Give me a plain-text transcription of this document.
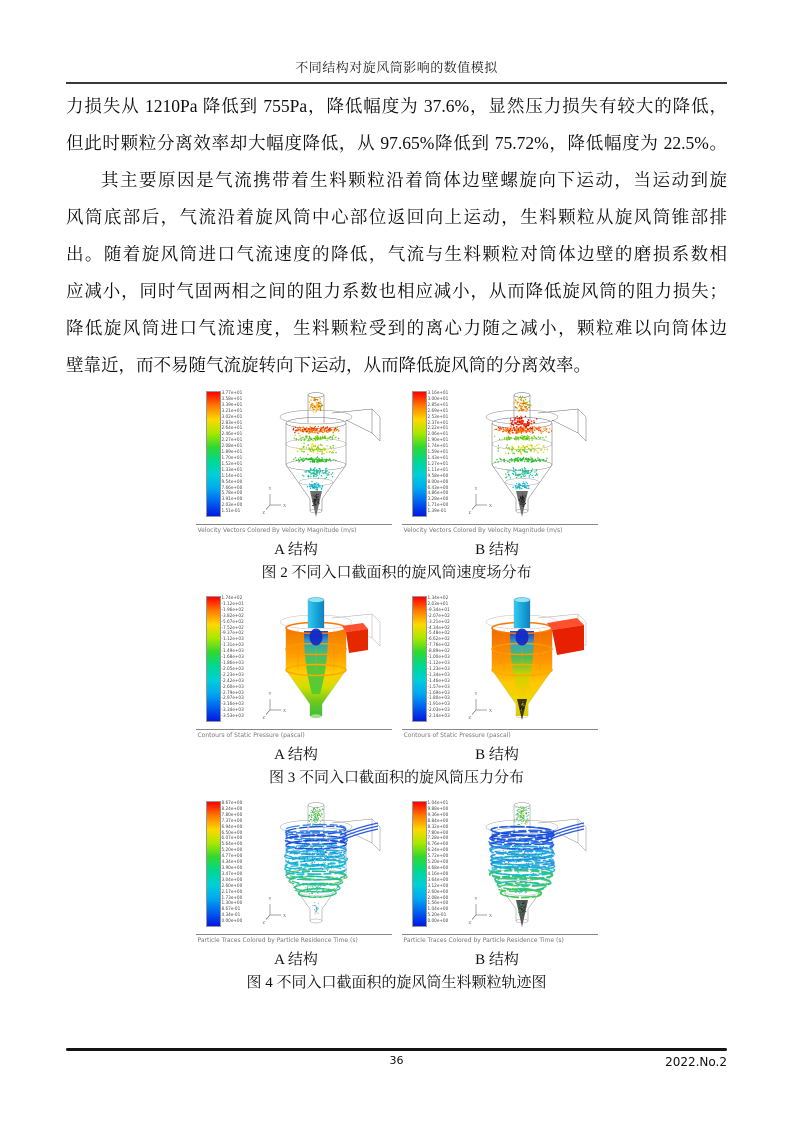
不同结构对旋风筒影响的数值模拟
力损失从 1210Pa 降低到 755Pa，降低幅度为 37.6%，显然压力损失有较大的降低，
但此时颗粒分离效率却大幅度降低，从 97.65%降低到 75.72%，降低幅度为 22.5%。
其主要原因是气流携带着生料颗粒沿着筒体边壁螺旋向下运动，当运动到旋
风筒底部后，气流沿着旋风筒中心部位返回向上运动，生料颗粒从旋风筒锥部排
出。随着旋风筒进口气流速度的降低，气流与生料颗粒对筒体边壁的磨损系数相
应减小，同时气固两相之间的阻力系数也相应减小，从而降低旋风筒的阻力损失；
降低旋风筒进口气流速度，生料颗粒受到的离心力随之减小，颗粒难以向筒体边
壁靠近，而不易随气流旋转向下运动，从而降低旋风筒的分离效率。
3.77e+01
3.58e+01
3.39e+01
3.21e+01
3.02e+01
2.83e+01
2.64e+01
2.46e+01
2.27e+01
2.08e+01
1.89e+01
1.70e+01
1.52e+01
1.33e+01
1.14e+01
9.54e+00
7.66e+00
5.78e+00
3.91e+00
2.03e+00
1.51e-01
Y
X
Z
Velocity Vectors Colored By Velocity Magnitude (m/s)
3.16e+01
3.00e+01
2.85e+01
2.69e+01
2.53e+01
2.37e+01
2.22e+01
2.06e+01
1.90e+01
1.74e+01
1.59e+01
1.43e+01
1.27e+01
1.11e+01
9.58e+00
8.00e+00
6.43e+00
4.86e+00
3.28e+00
1.71e+00
1.39e-01
Y
X
Z
Velocity Vectors Colored By Velocity Magnitude (m/s)
A 结构	B 结构
图 2 不同入口截面积的旋风筒速度场分布
1.74e+02
-1.12e+01
-1.96e+02
-3.82e+02
-5.67e+02
-7.52e+02
-9.37e+02
-1.12e+03
-1.31e+03
-1.49e+03
-1.68e+03
-1.86e+03
-2.05e+03
-2.23e+03
-2.42e+03
-2.60e+03
-2.79e+03
-2.97e+03
-3.16e+03
-3.34e+03
-3.53e+03
Y
X
Z
Contours of Static Pressure (pascal)
1.34e+02
2.03e+01
-9.34e+01
-2.07e+02
-3.21e+02
-4.34e+02
-5.48e+02
-6.62e+02
-7.76e+02
-8.89e+02
-1.00e+03
-1.12e+03
-1.23e+03
-1.34e+03
-1.46e+03
-1.57e+03
-1.69e+03
-1.80e+03
-1.91e+03
-2.03e+03
-2.14e+03
Y
X
Z
Contours of Static Pressure (pascal)
A 结构	B 结构
图 3 不同入口截面积的旋风筒压力分布
8.67e+00
8.24e+00
7.80e+00
7.37e+00
6.94e+00
6.50e+00
6.07e+00
5.64e+00
5.20e+00
4.77e+00
4.34e+00
3.90e+00
3.47e+00
3.04e+00
2.60e+00
2.17e+00
1.73e+00
1.30e+00
8.67e-01
4.34e-01
0.00e+00
Y
X
Z
Particle Traces Colored by Particle Residence Time (s)
1.04e+01
9.88e+00
9.36e+00
8.84e+00
8.32e+00
7.80e+00
7.28e+00
6.76e+00
6.24e+00
5.72e+00
5.20e+00
4.68e+00
4.16e+00
3.64e+00
3.12e+00
2.60e+00
2.08e+00
1.56e+00
1.04e+00
5.20e-01
0.00e+00
Y
X
Z
Particle Traces Colored by Particle Residence Time (s)
A 结构	B 结构
图 4 不同入口截面积的旋风筒生料颗粒轨迹图
36	2022.No.2
